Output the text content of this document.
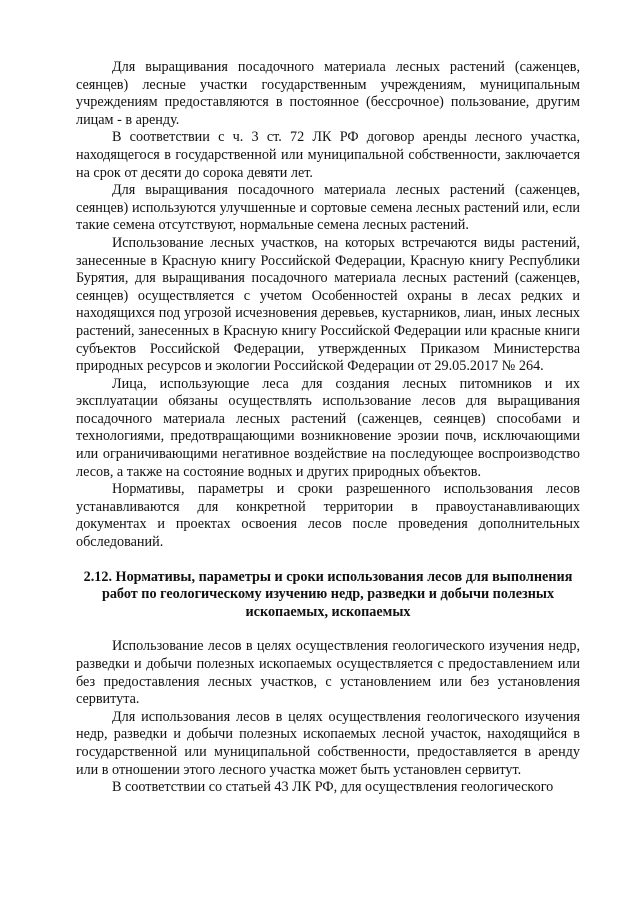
Для выращивания посадочного материала лесных растений (саженцев, сеянцев) лесные участки государственным учреждениям, муниципальным учреждениям предоставляются в постоянное (бессрочное) пользование, другим лицам - в аренду.

В соответствии с ч. 3 ст. 72 ЛК РФ договор аренды лесного участка, находящегося в государственной или муниципальной собственности, заключается на срок от десяти до сорока девяти лет.

Для выращивания посадочного материала лесных растений (саженцев, сеянцев) используются улучшенные и сортовые семена лесных растений или, если такие семена отсутствуют, нормальные семена лесных растений.

Использование лесных участков, на которых встречаются виды растений, занесенные в Красную книгу Российской Федерации, Красную книгу Республики Бурятия, для выращивания посадочного материала лесных растений (саженцев, сеянцев) осуществляется с учетом Особенностей охраны в лесах редких и находящихся под угрозой исчезновения деревьев, кустарников, лиан, иных лесных растений, занесенных в Красную книгу Российской Федерации или красные книги субъектов Российской Федерации, утвержденных Приказом Министерства природных ресурсов и экологии Российской Федерации от 29.05.2017 № 264.

Лица, использующие леса для создания лесных питомников и их эксплуатации обязаны осуществлять использование лесов для выращивания посадочного материала лесных растений (саженцев, сеянцев) способами и технологиями, предотвращающими возникновение эрозии почв, исключающими или ограничивающими негативное воздействие на последующее воспроизводство лесов, а также на состояние водных и других природных объектов.

Нормативы, параметры и сроки разрешенного использования лесов устанавливаются для конкретной территории в правоустанавливающих документах и проектах освоения лесов после проведения дополнительных обследований.

2.12. Нормативы, параметры и сроки использования лесов для выполнения работ по геологическому изучению недр, разведки и добычи полезных ископаемых, ископаемых

Использование лесов в целях осуществления геологического изучения недр, разведки и добычи полезных ископаемых осуществляется с предоставлением или без предоставления лесных участков, с установлением или без установления сервитута.

Для использования лесов в целях осуществления геологического изучения недр, разведки и добычи полезных ископаемых лесной участок, находящийся в государственной или муниципальной собственности, предоставляется в аренду или в отношении этого лесного участка может быть установлен сервитут.

В соответствии со статьей 43 ЛК РФ, для осуществления геологического
